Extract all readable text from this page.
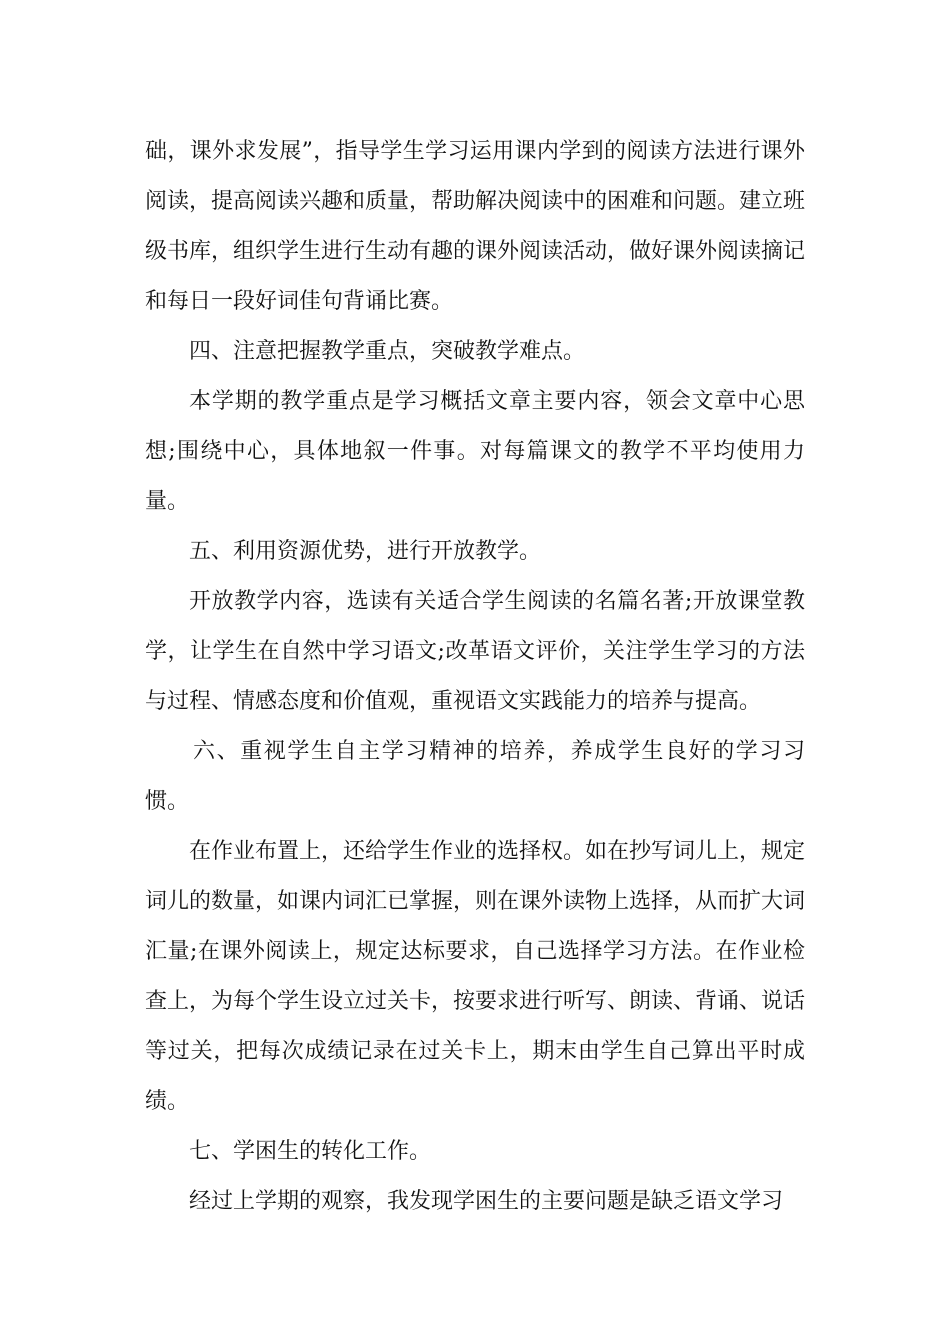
础，课外求发展”，指导学生学习运用课内学到的阅读方法进行课外阅读，提高阅读兴趣和质量，帮助解决阅读中的困难和问题。建立班级书库，组织学生进行生动有趣的课外阅读活动，做好课外阅读摘记和每日一段好词佳句背诵比赛。

四、注意把握教学重点，突破教学难点。

本学期的教学重点是学习概括文章主要内容，领会文章中心思想;围绕中心，具体地叙一件事。对每篇课文的教学不平均使用力量。

五、利用资源优势，进行开放教学。

开放教学内容，选读有关适合学生阅读的名篇名著;开放课堂教学，让学生在自然中学习语文;改革语文评价，关注学生学习的方法与过程、情感态度和价值观，重视语文实践能力的培养与提高。

六、重视学生自主学习精神的培养，养成学生良好的学习习惯。

在作业布置上，还给学生作业的选择权。如在抄写词儿上，规定词儿的数量，如课内词汇已掌握，则在课外读物上选择，从而扩大词汇量;在课外阅读上，规定达标要求，自己选择学习方法。在作业检查上，为每个学生设立过关卡，按要求进行听写、朗读、背诵、说话等过关，把每次成绩记录在过关卡上，期末由学生自己算出平时成绩。

七、学困生的转化工作。

经过上学期的观察，我发现学困生的主要问题是缺乏语文学习
